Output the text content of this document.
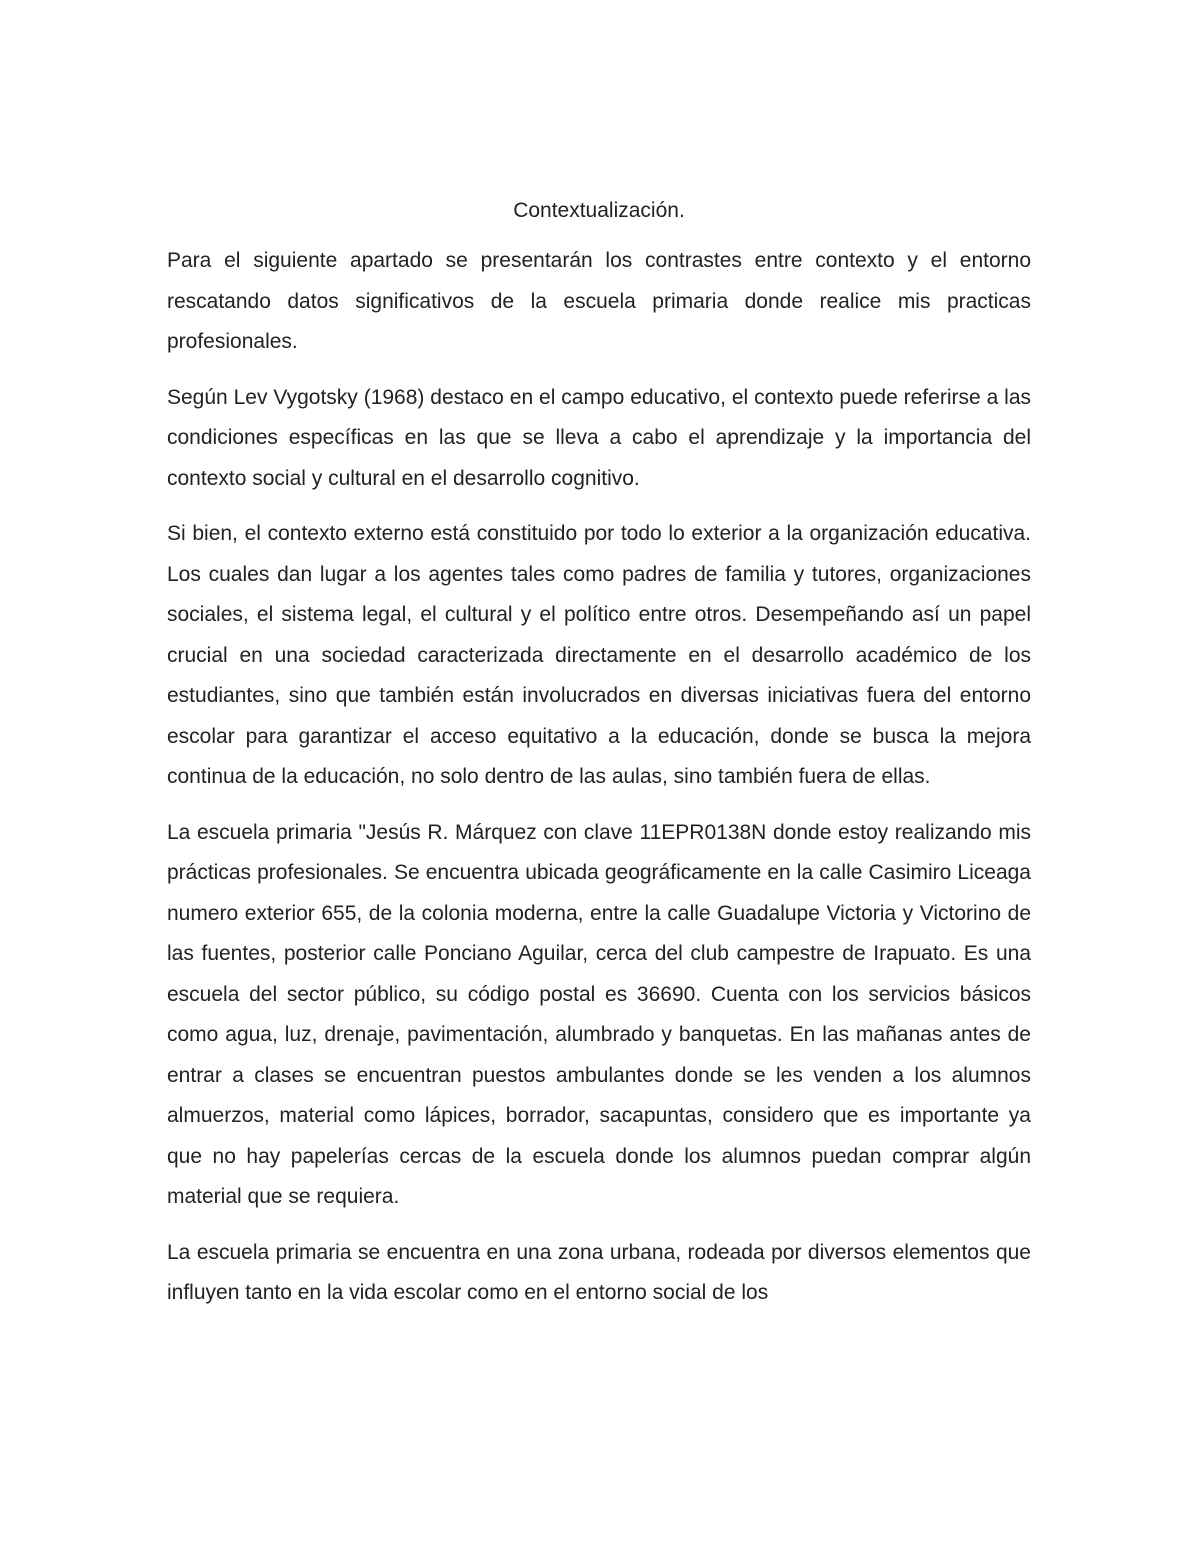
Contextualización.

Para el siguiente apartado se presentarán los contrastes entre contexto y el entorno rescatando datos significativos de la escuela primaria donde realice mis practicas profesionales.

Según Lev Vygotsky (1968) destaco en el campo educativo, el contexto puede referirse a las condiciones específicas en las que se lleva a cabo el aprendizaje y la importancia del contexto social y cultural en el desarrollo cognitivo.

Si bien, el contexto externo está constituido por todo lo exterior a la organización educativa. Los cuales dan lugar a los agentes tales como padres de familia y tutores, organizaciones sociales, el sistema legal, el cultural y el político entre otros. Desempeñando así un papel crucial en una sociedad caracterizada directamente en el desarrollo académico de los estudiantes, sino que también están involucrados en diversas iniciativas fuera del entorno escolar para garantizar el acceso equitativo a la educación, donde se busca la mejora continua de la educación, no solo dentro de las aulas, sino también fuera de ellas.

La escuela primaria "Jesús R. Márquez con clave 11EPR0138N donde estoy realizando mis prácticas profesionales. Se encuentra ubicada geográficamente en la calle Casimiro Liceaga numero exterior 655, de la colonia moderna, entre la calle Guadalupe Victoria y Victorino de las fuentes, posterior calle Ponciano Aguilar, cerca del club campestre de Irapuato. Es una escuela del sector público, su código postal es 36690. Cuenta con los servicios básicos como agua, luz, drenaje, pavimentación, alumbrado y banquetas. En las mañanas antes de entrar a clases se encuentran puestos ambulantes donde se les venden a los alumnos almuerzos, material como lápices, borrador, sacapuntas, considero que es importante ya que no hay papelerías cercas de la escuela donde los alumnos puedan comprar algún material que se requiera.

La escuela primaria se encuentra en una zona urbana, rodeada por diversos elementos que influyen tanto en la vida escolar como en el entorno social de los
